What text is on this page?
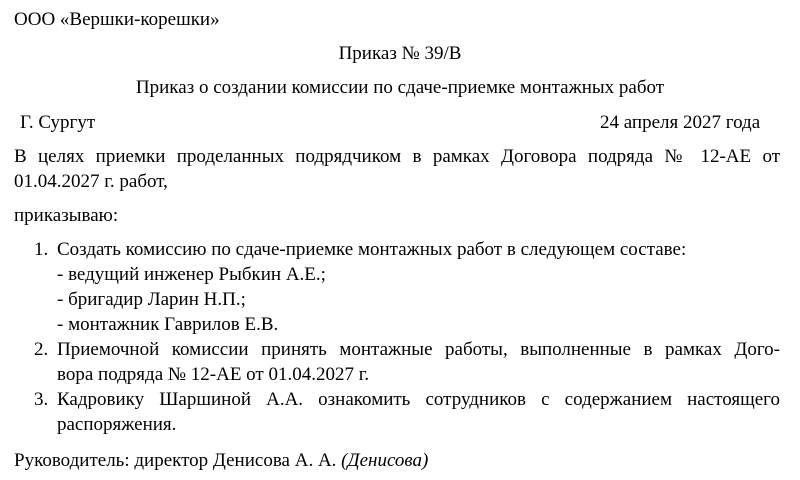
ООО «Вершки-корешки»
Приказ № 39/В
Приказ о создании комиссии по сдаче-приемке монтажных работ
Г. Сургут	24 апреля 2027 года
В целях приемки проделанных подрядчиком в рамках Договора подряда № 12-АЕ от
01.04.2027 г. работ,
приказываю:
1. Создать комиссию по сдаче-приемке монтажных работ в следующем составе:
- ведущий инженер Рыбкин А.Е.;
- бригадир Ларин Н.П.;
- монтажник Гаврилов Е.В.
2. Приемочной комиссии принять монтажные работы, выполненные в рамках Дого-
вора подряда № 12-АЕ от 01.04.2027 г.
3. Кадровику Шаршиной А.А. ознакомить сотрудников с содержанием настоящего
распоряжения.
Руководитель: директор Денисова А. А. (Денисова)
